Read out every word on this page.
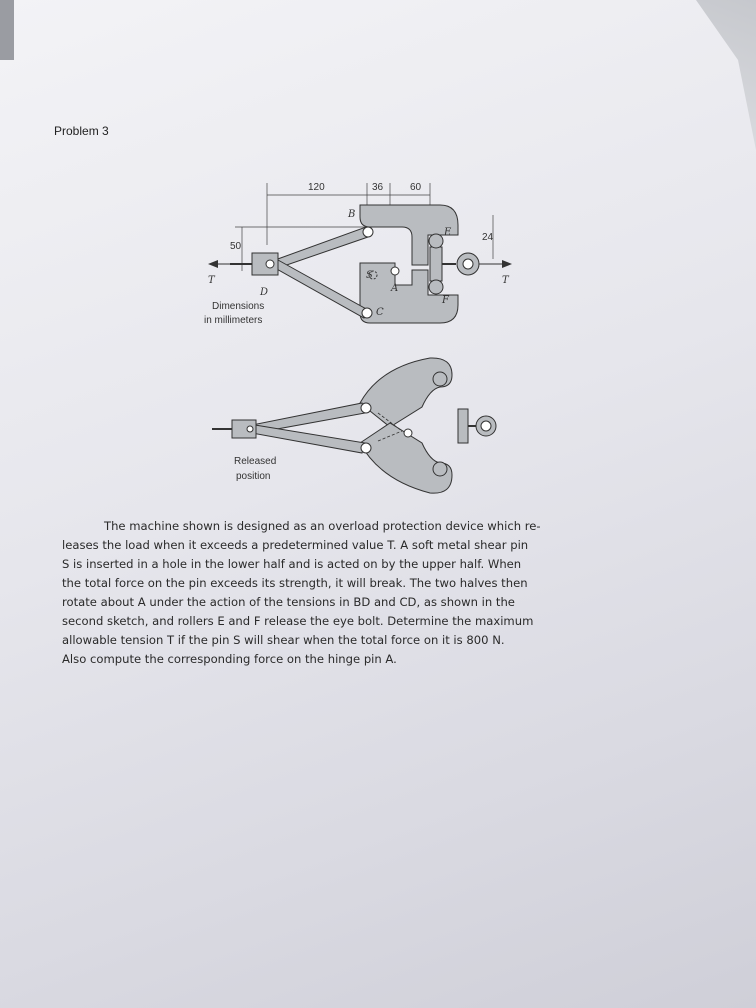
Problem 3
120	36	60
50
24
B
E
S
A
F
C
D
T	T
Dimensions
in millimeters
Released
position
The machine shown is designed as an overload protection device which re-
leases the load when it exceeds a predetermined value T. A soft metal shear pin
S is inserted in a hole in the lower half and is acted on by the upper half. When
the total force on the pin exceeds its strength, it will break. The two halves then
rotate about A under the action of the tensions in BD and CD, as shown in the
second sketch, and rollers E and F release the eye bolt. Determine the maximum
allowable tension T if the pin S will shear when the total force on it is 800 N.
Also compute the corresponding force on the hinge pin A.
